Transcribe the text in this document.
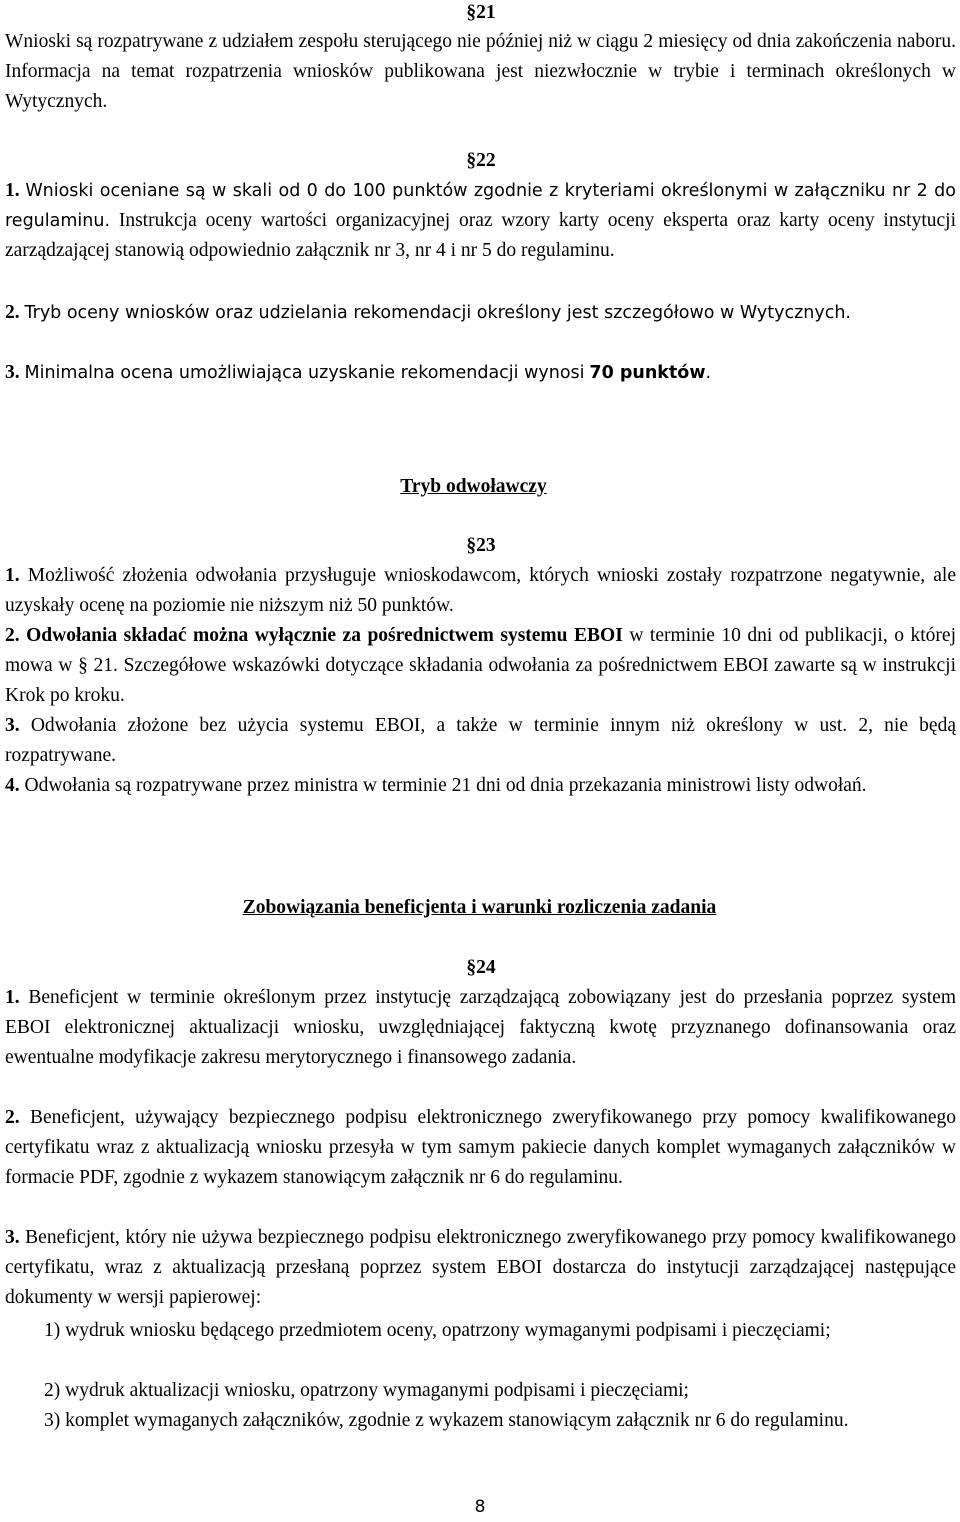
§21
Wnioski są rozpatrywane z udziałem zespołu sterującego nie później niż w ciągu 2 miesięcy od dnia zakończenia naboru. Informacja na temat rozpatrzenia wniosków publikowana jest niezwłocznie w trybie i terminach określonych w Wytycznych.
§22
1. Wnioski oceniane są w skali od 0 do 100 punktów zgodnie z kryteriami określonymi w załączniku nr 2 do regulaminu. Instrukcja oceny wartości organizacyjnej oraz wzory karty oceny eksperta oraz karty oceny instytucji zarządzającej stanowią odpowiednio załącznik nr 3, nr 4 i nr 5 do regulaminu.
2. Tryb oceny wniosków oraz udzielania rekomendacji określony jest szczegółowo w Wytycznych.
3. Minimalna ocena umożliwiająca uzyskanie rekomendacji wynosi 70 punktów.
Tryb odwoławczy
§23
1. Możliwość złożenia odwołania przysługuje wnioskodawcom, których wnioski zostały rozpatrzone negatywnie, ale uzyskały ocenę na poziomie nie niższym niż 50 punktów.
2. Odwołania składać można wyłącznie za pośrednictwem systemu EBOI w terminie 10 dni od publikacji, o której mowa w § 21. Szczegółowe wskazówki dotyczące składania odwołania za pośrednictwem EBOI zawarte są w instrukcji Krok po kroku.
3. Odwołania złożone bez użycia systemu EBOI, a także w terminie innym niż określony w ust. 2, nie będą rozpatrywane.
4. Odwołania są rozpatrywane przez ministra w terminie 21 dni od dnia przekazania ministrowi listy odwołań.
Zobowiązania beneficjenta i warunki rozliczenia zadania
§24
1. Beneficjent w terminie określonym przez instytucję zarządzającą zobowiązany jest do przesłania poprzez system EBOI elektronicznej aktualizacji wniosku, uwzględniającej faktyczną kwotę przyznanego dofinansowania oraz ewentualne modyfikacje zakresu merytorycznego i finansowego zadania.
2. Beneficjent, używający bezpiecznego podpisu elektronicznego zweryfikowanego przy pomocy kwalifikowanego certyfikatu wraz z aktualizacją wniosku przesyła w tym samym pakiecie danych komplet wymaganych załączników w formacie PDF, zgodnie z wykazem stanowiącym załącznik nr 6 do regulaminu.
3. Beneficjent, który nie używa bezpiecznego podpisu elektronicznego zweryfikowanego przy pomocy kwalifikowanego certyfikatu, wraz z aktualizacją przesłaną poprzez system EBOI dostarcza do instytucji zarządzającej następujące dokumenty w wersji papierowej:
1) wydruk wniosku będącego przedmiotem oceny, opatrzony wymaganymi podpisami i pieczęciami;
2) wydruk aktualizacji wniosku, opatrzony wymaganymi podpisami i pieczęciami;
3) komplet wymaganych załączników, zgodnie z wykazem stanowiącym załącznik nr 6 do regulaminu.
8
